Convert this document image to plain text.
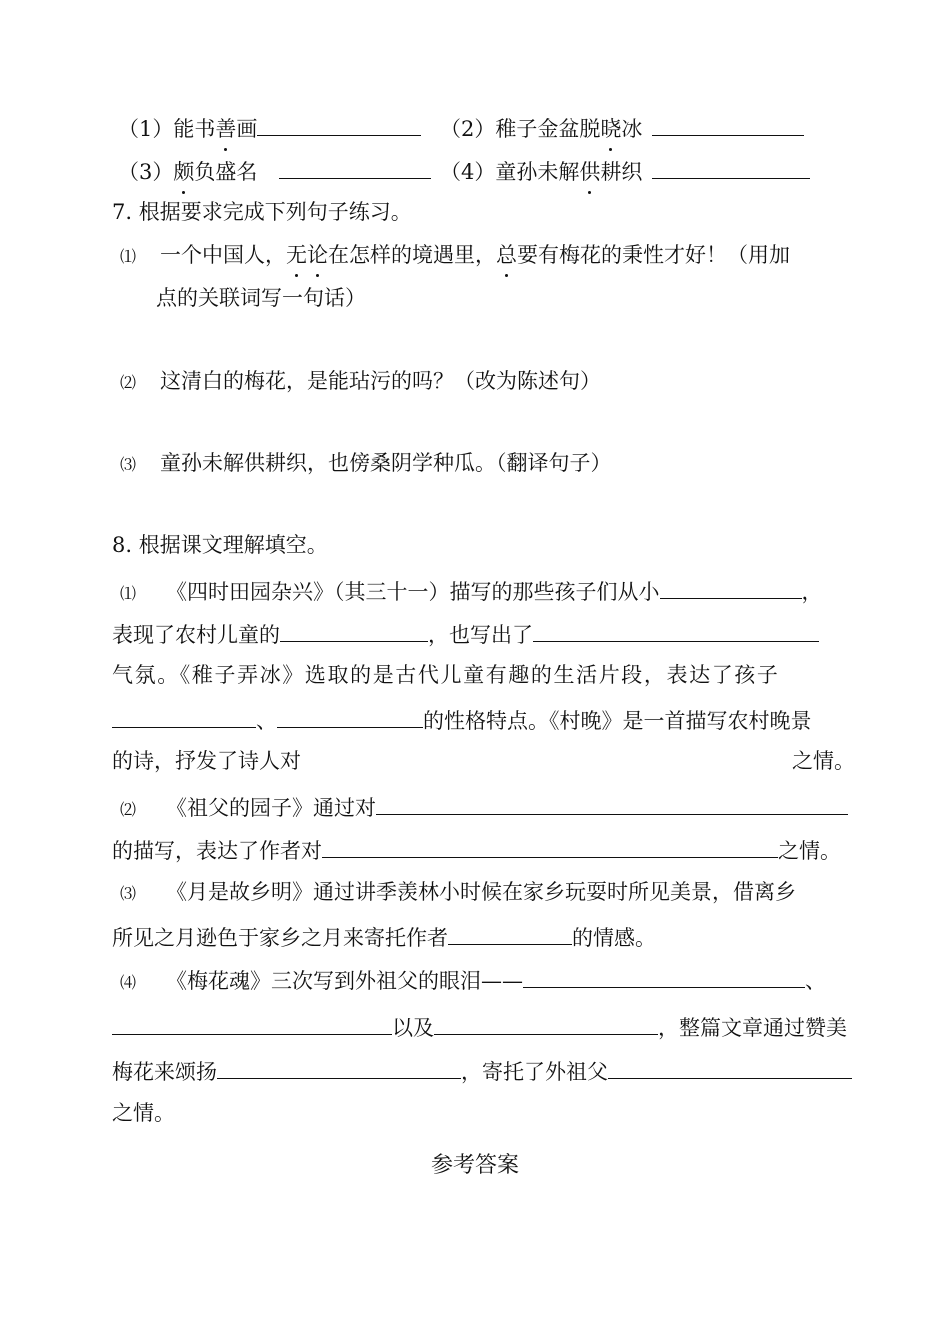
（1）能书善画	（2）稚子金盆脱晓冰
（3）颇负盛名	（4）童孙未解供耕织
7. 根据要求完成下列句子练习。
⑴ 一个中国人，无论在怎样的境遇里，总要有梅花的秉性才好！（用加
点的关联词写一句话）
⑵ 这清白的梅花，是能玷污的吗？（改为陈述句）
⑶ 童孙未解供耕织，也傍桑阴学种瓜。（翻译句子）
8. 根据课文理解填空。
⑴ 《四时田园杂兴》（其三十一）描写的那些孩子们从小	，
表现了农村儿童的	，也写出了
气氛。《稚子弄冰》选取的是古代儿童有趣的生活片段，表达了孩子
、	的性格特点。《村晚》是一首描写农村晚景
的诗，抒发了诗人对	之情。
⑵ 《祖父的园子》通过对
的描写，表达了作者对	之情。
⑶ 《月是故乡明》通过讲季羡林小时候在家乡玩耍时所见美景，借离乡
所见之月逊色于家乡之月来寄托作者	的情感。
⑷ 《梅花魂》三次写到外祖父的眼泪——	、
以及	，整篇文章通过赞美
梅花来颂扬	，寄托了外祖父
之情。
参考答案
